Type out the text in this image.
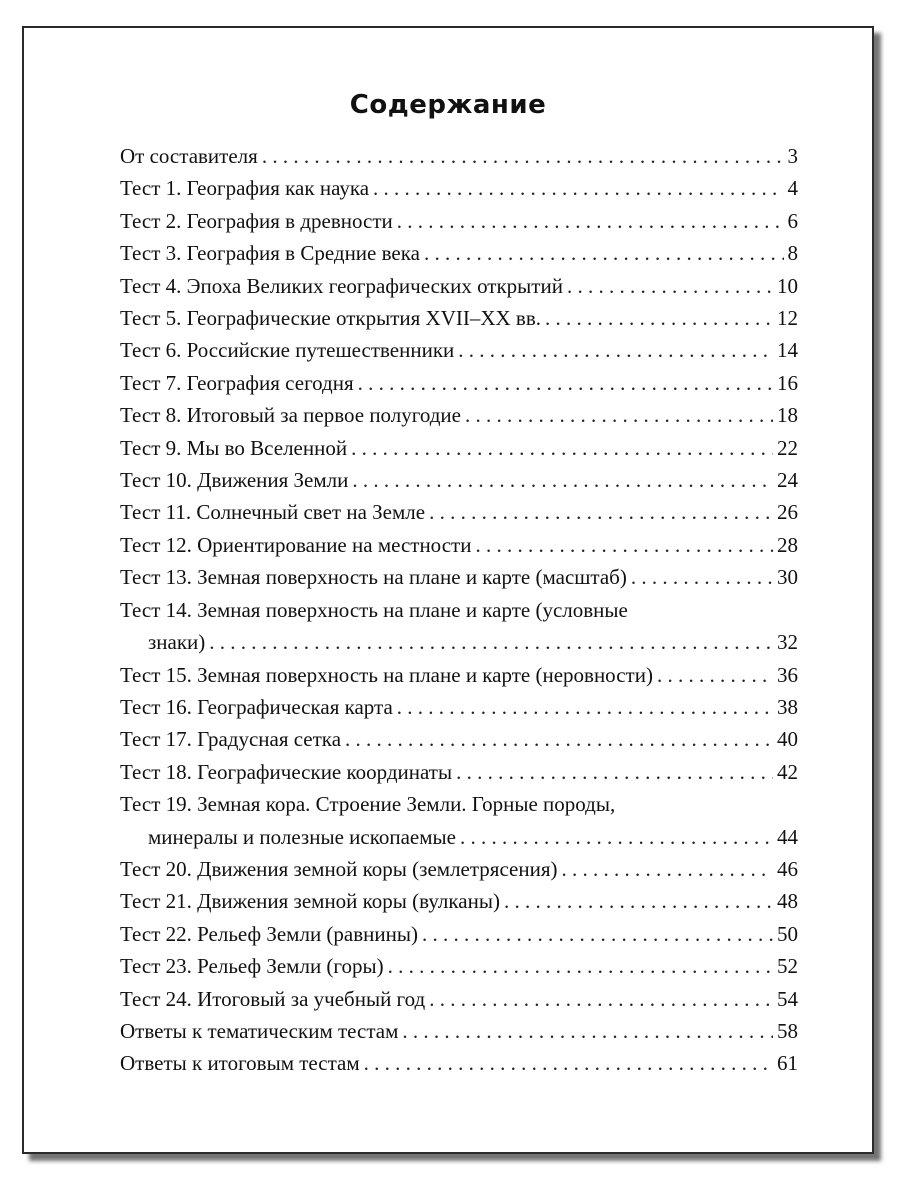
Содержание
От составителя . . .	3
Тест 1. География как наука . . .	4
Тест 2. География в древности . . .	6
Тест 3. География в Средние века . . .	8
Тест 4. Эпоха Великих географических открытий . . .	10
Тест 5. Географические открытия XVII–XX вв. . . .	12
Тест 6. Российские путешественники . . .	14
Тест 7. География сегодня . . .	16
Тест 8. Итоговый за первое полугодие . . .	18
Тест 9. Мы во Вселенной . . .	22
Тест 10. Движения Земли . . .	24
Тест 11. Солнечный свет на Земле . . .	26
Тест 12. Ориентирование на местности . . .	28
Тест 13. Земная поверхность на плане и карте (масштаб) . . .	30
Тест 14. Земная поверхность на плане и карте (условные
знаки) . . .	32
Тест 15. Земная поверхность на плане и карте (неровности) . . .	36
Тест 16. Географическая карта . . .	38
Тест 17. Градусная сетка . . .	40
Тест 18. Географические координаты . . .	42
Тест 19. Земная кора. Строение Земли. Горные породы,
минералы и полезные ископаемые . . .	44
Тест 20. Движения земной коры (землетрясения) . . .	46
Тест 21. Движения земной коры (вулканы) . . .	48
Тест 22. Рельеф Земли (равнины) . . .	50
Тест 23. Рельеф Земли (горы) . . .	52
Тест 24. Итоговый за учебный год . . .	54
Ответы к тематическим тестам . . .	58
Ответы к итоговым тестам . . .	61
